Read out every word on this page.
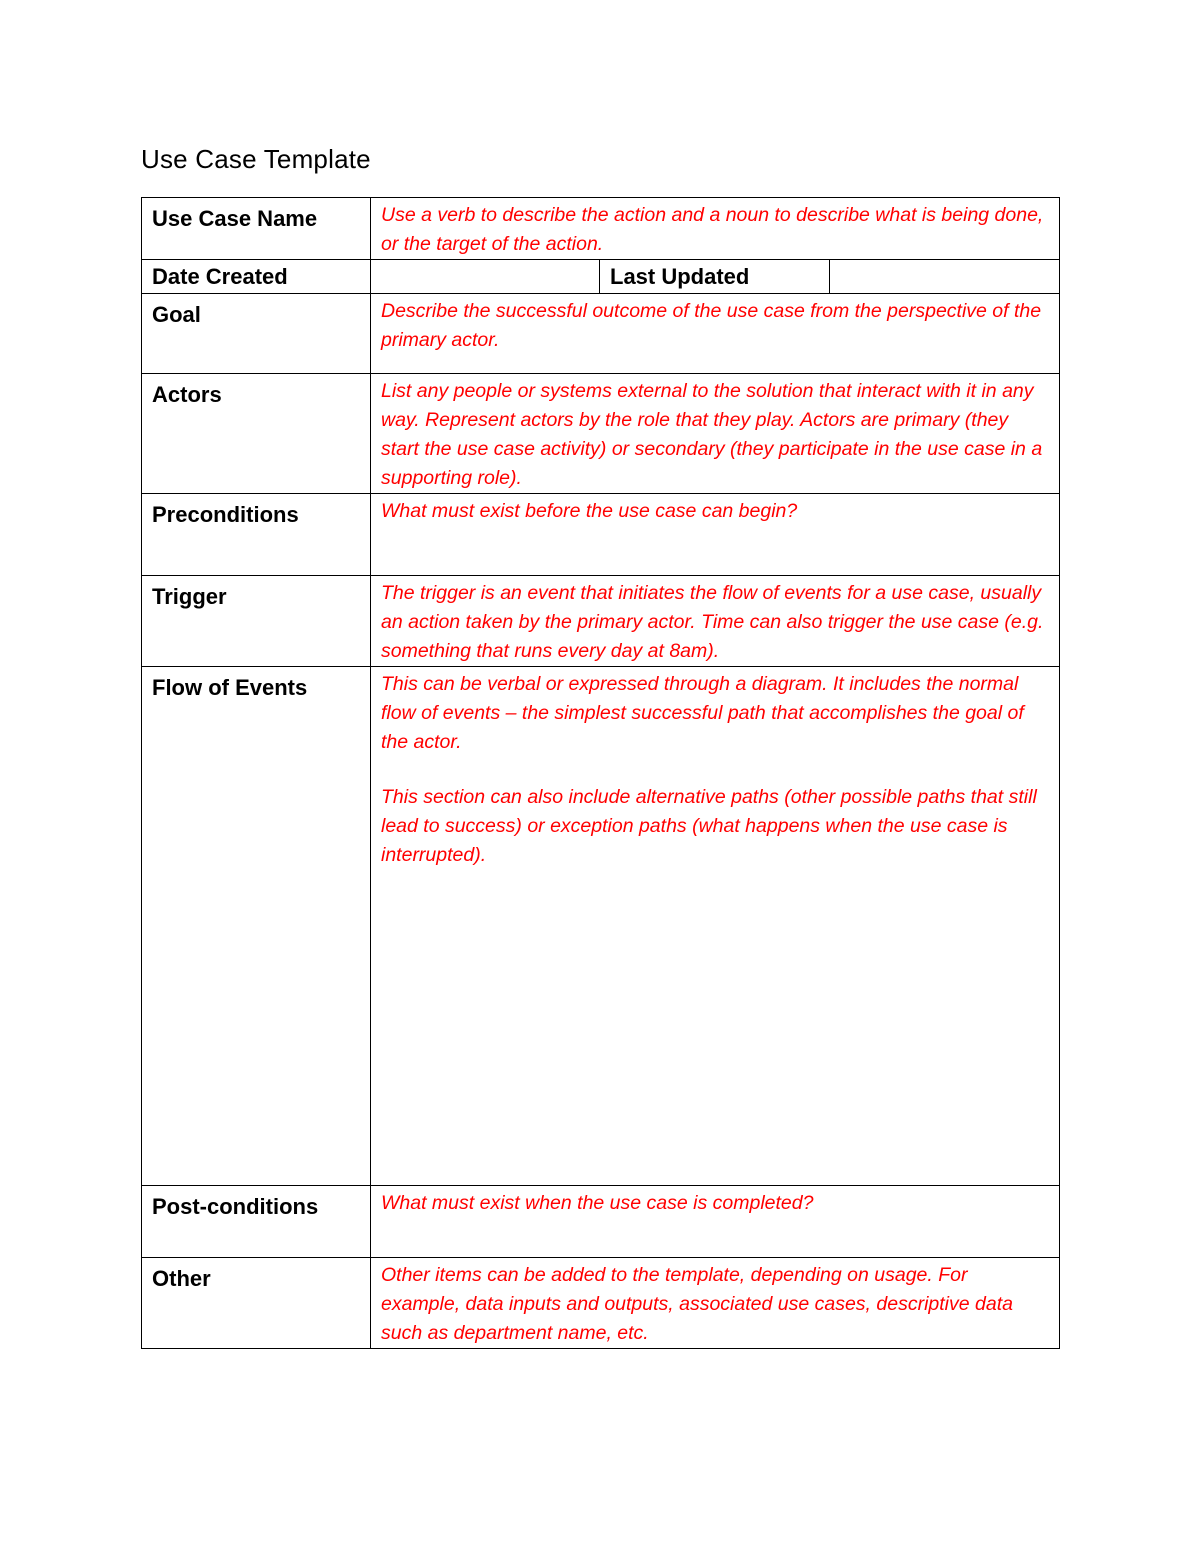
Use Case Template
Use Case Name	Use a verb to describe the action and a noun to describe what is being done, or the target of the action.		

Date Created		Last Updated	

Goal	Describe the successful outcome of the use case from the perspective of the primary actor.		

Actors	List any people or systems external to the solution that interact with it in any way. Represent actors by the role that they play. Actors are primary (they start the use case activity) or secondary (they participate in the use case in a supporting role).		

Preconditions	What must exist before the use case can begin?		

Trigger	The trigger is an event that initiates the flow of events for a use case, usually an action taken by the primary actor. Time can also trigger the use case (e.g. something that runs every day at 8am).		

Flow of Events	This can be verbal or expressed through a diagram. It includes the normal flow of events – the simplest successful path that accomplishes the goal of the actor.

This section can also include alternative paths (other possible paths that still lead to success) or exception paths (what happens when the use case is interrupted).		

Post-conditions	What must exist when the use case is completed?		

Other	Other items can be added to the template, depending on usage. For example, data inputs and outputs, associated use cases, descriptive data such as department name, etc.		
